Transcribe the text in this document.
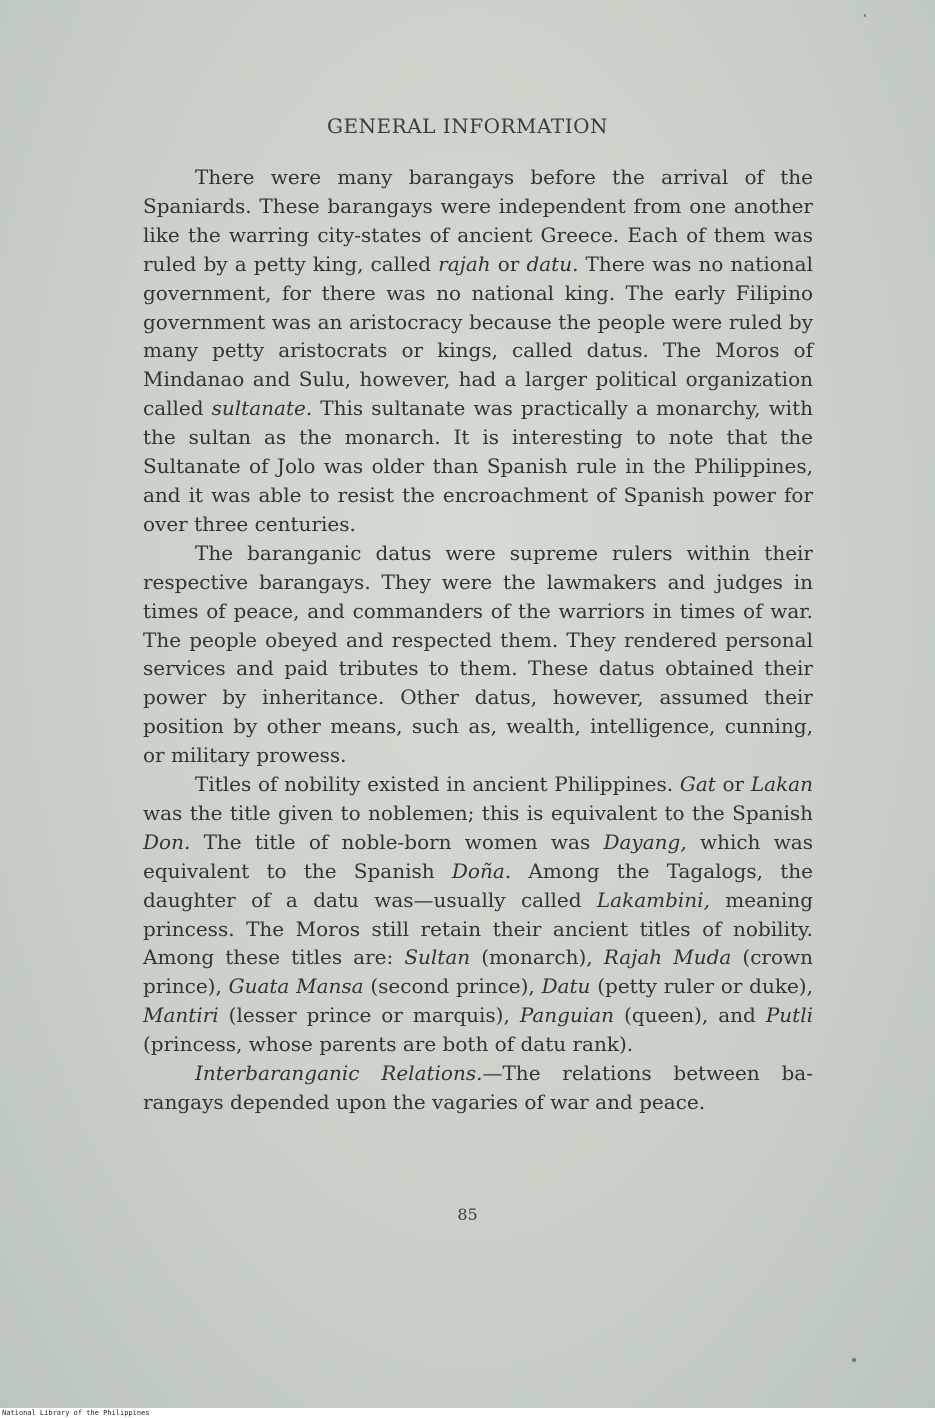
GENERAL INFORMATION

There were many barangays before the arrival of the Spaniards. These barangays were independent from one another like the warring city-states of ancient Greece. Each of them was ruled by a petty king, called rajah or datu. There was no national government, for there was no national king. The early Filipino government was an aristocracy because the people were ruled by many petty aristocrats or kings, called datus. The Moros of Mindanao and Sulu, however, had a larger political organization called sultanate. This sultanate was practically a monarchy, with the sultan as the monarch. It is interesting to note that the Sultanate of Jolo was older than Spanish rule in the Philippines, and it was able to resist the encroachment of Spanish power for over three centuries.

The baranganic datus were supreme rulers within their respective barangays. They were the lawmakers and judges in times of peace, and commanders of the warriors in times of war. The people obeyed and respected them. They rendered personal services and paid tributes to them. These datus obtained their power by inheritance. Other datus, however, assumed their position by other means, such as, wealth, intelligence, cunning, or military prowess.

Titles of nobility existed in ancient Philippines. Gat or Lakan was the title given to noblemen; this is equivalent to the Spanish Don. The title of noble-born women was Dayang, which was equivalent to the Spanish Doña. Among the Tagalogs, the daughter of a datu was—usually called Lakambini, meaning princess. The Moros still retain their ancient titles of nobility. Among these titles are: Sultan (monarch), Rajah Muda (crown prince), Guata Mansa (second prince), Datu (petty ruler or duke), Mantiri (lesser prince or marquis), Panguian (queen), and Putli (princess, whose parents are both of datu rank).

Interbaranganic Relations.—The relations between barangays depended upon the vagaries of war and peace.

85
National Library of the Philippines
